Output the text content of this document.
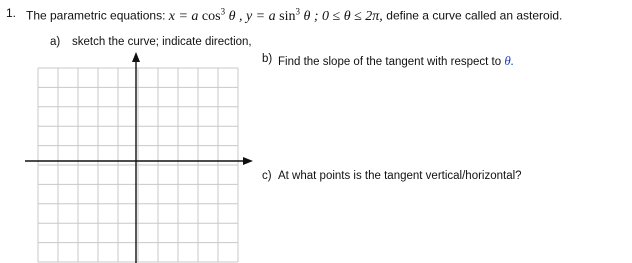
1. The parametric equations: x = a $\cos^3 \theta$ , y = a $\sin^3 \theta$ ; 0 ≤ θ ≤ 2π, define a curve called an asteroid.
a) sketch the curve; indicate direction,
b) Find the slope of the tangent with respect to θ.
c) At what points is the tangent vertical/horizontal?
